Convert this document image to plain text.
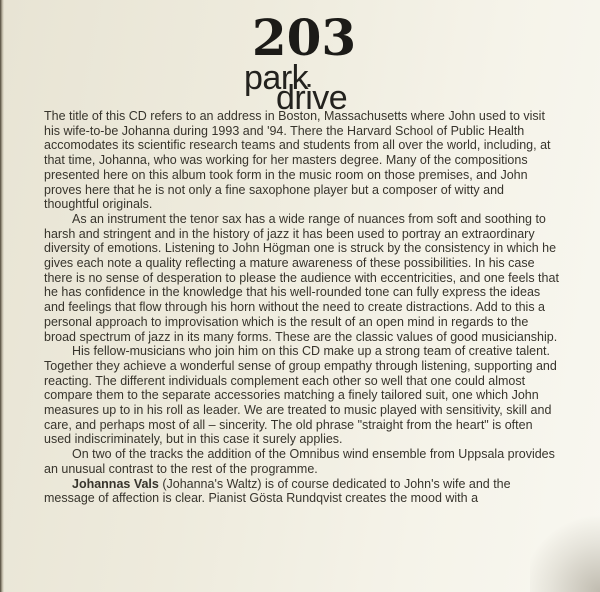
203
park
drive

The title of this CD refers to an address in Boston, Massachusetts where John used to visit his wife-to-be Johanna during 1993 and '94. There the Harvard School of Public Health accomodates its scientific research teams and students from all over the world, including, at that time, Johanna, who was working for her masters degree. Many of the compositions presented here on this album took form in the music room on those premises, and John proves here that he is not only a fine saxophone player but a composer of witty and thoughtful originals.

As an instrument the tenor sax has a wide range of nuances from soft and soothing to harsh and stringent and in the history of jazz it has been used to portray an extraordinary diversity of emotions. Listening to John Högman one is struck by the consistency in which he gives each note a quality reflecting a mature awareness of these possibilities. In his case there is no sense of desperation to please the audience with eccentricities, and one feels that he has confidence in the knowledge that his well-rounded tone can fully express the ideas and feelings that flow through his horn without the need to create distractions. Add to this a personal approach to improvisation which is the result of an open mind in regards to the broad spectrum of jazz in its many forms. These are the classic values of good musicianship.

His fellow-musicians who join him on this CD make up a strong team of creative talent. Together they achieve a wonderful sense of group empathy through listening, supporting and reacting. The different individuals complement each other so well that one could almost compare them to the separate accessories matching a finely tailored suit, one which John measures up to in his roll as leader. We are treated to music played with sensitivity, skill and care, and perhaps most of all – sincerity. The old phrase "straight from the heart" is often used indiscriminately, but in this case it surely applies.

On two of the tracks the addition of the Omnibus wind ensemble from Uppsala provides an unusual contrast to the rest of the programme.

Johannas Vals (Johanna's Waltz) is of course dedicated to John's wife and the message of affection is clear. Pianist Gösta Rundqvist creates the mood with a
